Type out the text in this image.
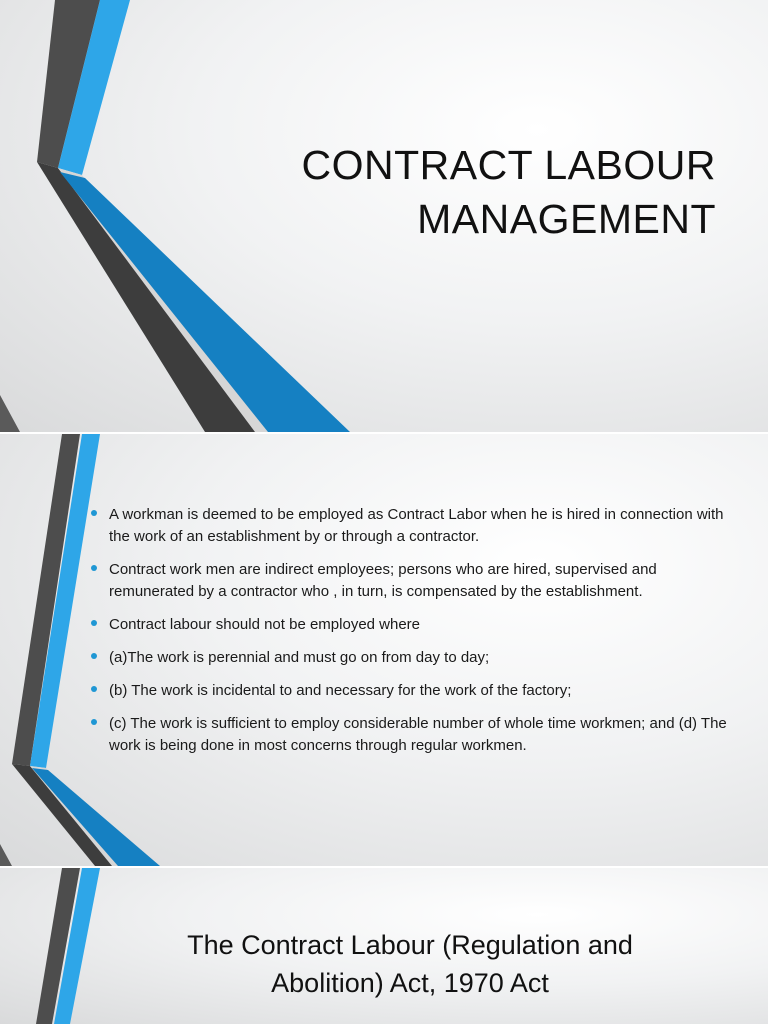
CONTRACT LABOUR
MANAGEMENT
A workman is deemed to be employed as Contract Labor when he is hired in connection with the work of an establishment by or through a contractor.
Contract work men are indirect employees; persons who are hired, supervised and remunerated by a contractor who , in turn, is compensated by the establishment.
Contract labour should not be employed where
(a)The work is perennial and must go on from day to day;
(b) The work is incidental to and necessary for the work of the factory;
(c) The work is sufficient to employ considerable number of whole time workmen; and (d) The work is being done in most concerns through regular workmen.
The Contract Labour (Regulation and
Abolition) Act, 1970 Act
